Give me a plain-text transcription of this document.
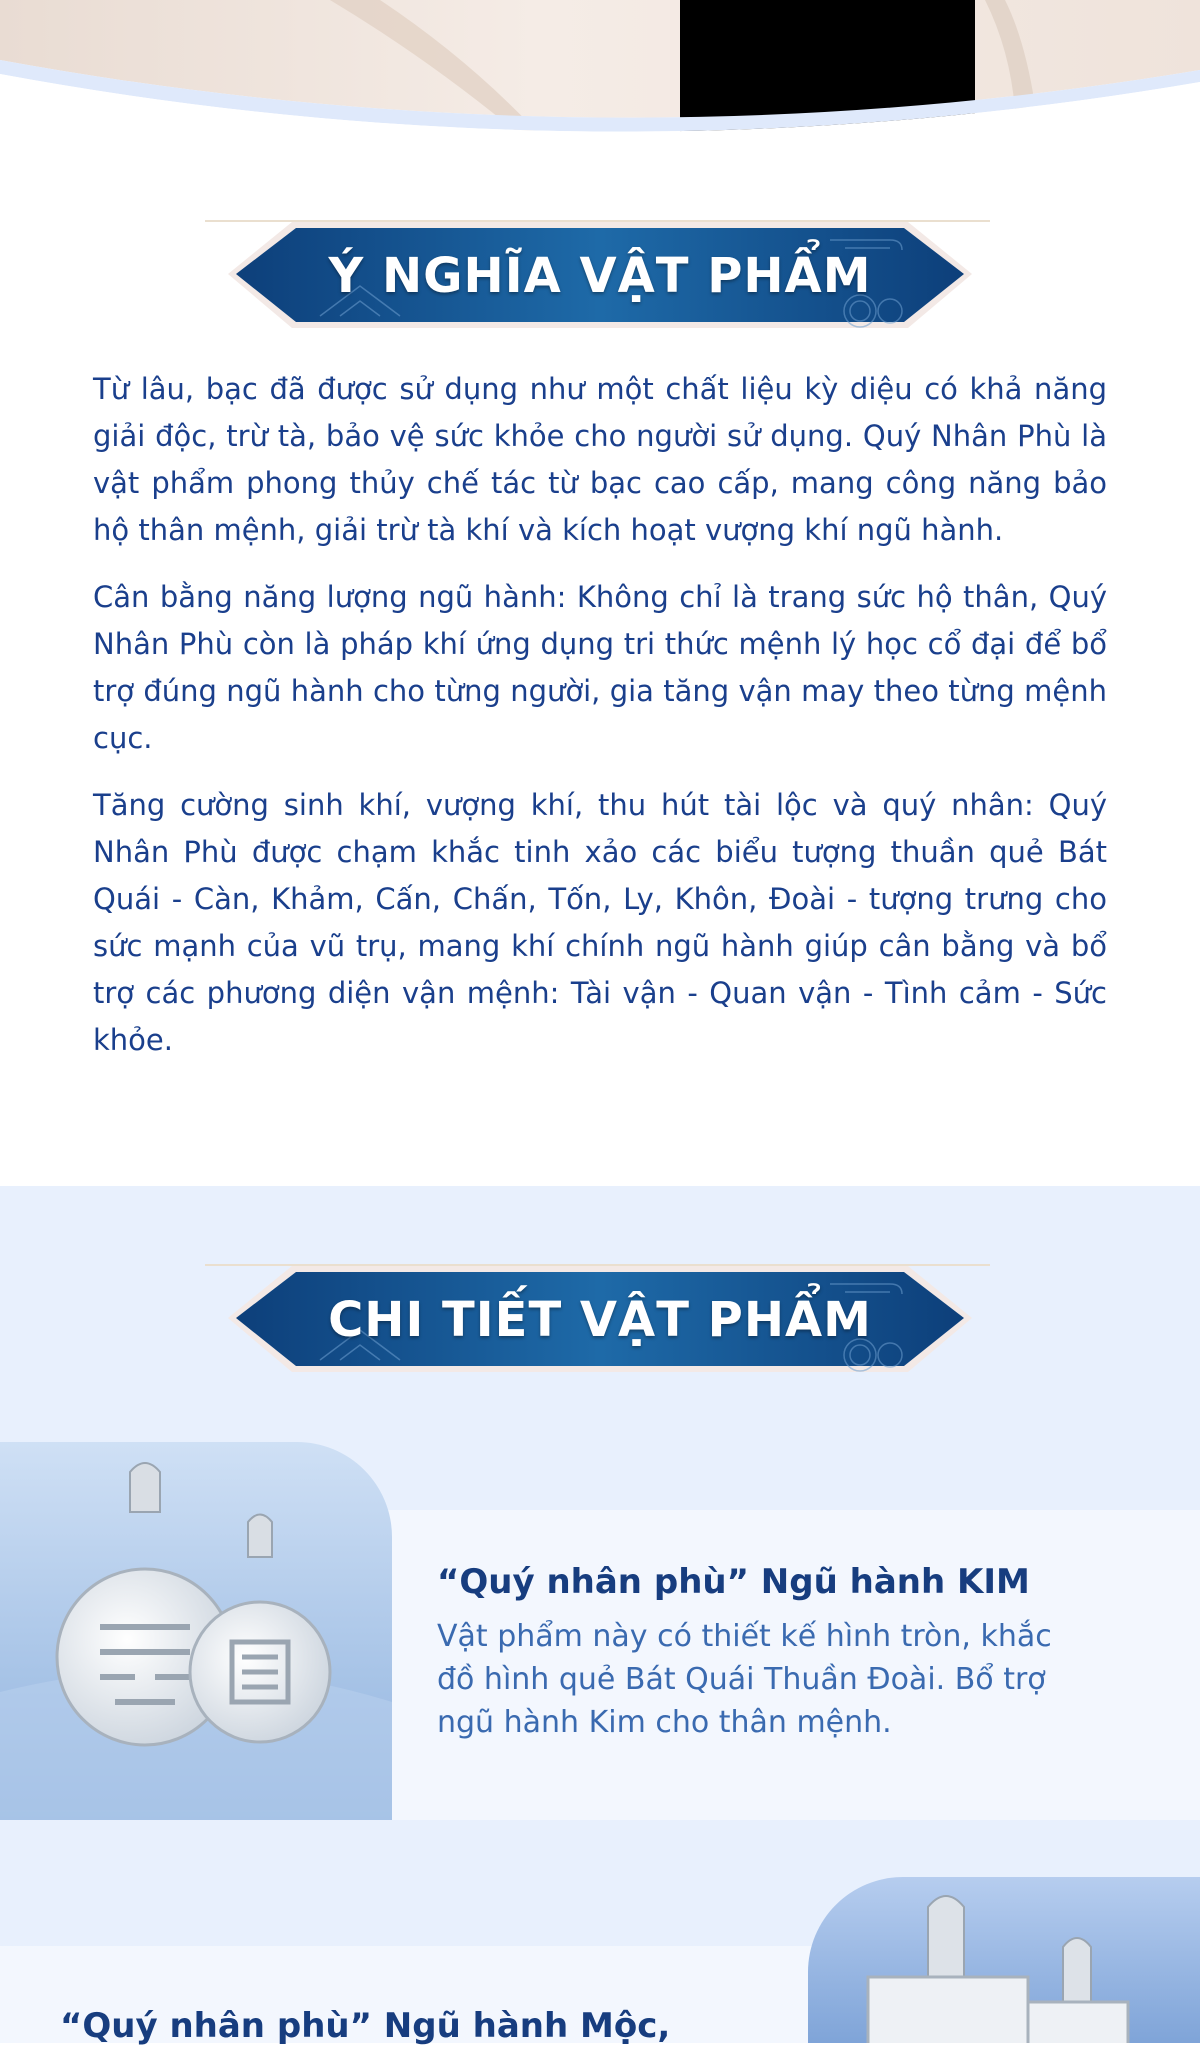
Ý NGHĨA VẬT PHẨM

Từ lâu, bạc đã được sử dụng như một chất liệu kỳ diệu có khả năng giải độc, trừ tà, bảo vệ sức khỏe cho người sử dụng. Quý Nhân Phù là vật phẩm phong thủy chế tác từ bạc cao cấp, mang công năng bảo hộ thân mệnh, giải trừ tà khí và kích hoạt vượng khí ngũ hành.

Cân bằng năng lượng ngũ hành: Không chỉ là trang sức hộ thân, Quý Nhân Phù còn là pháp khí ứng dụng tri thức mệnh lý học cổ đại để bổ trợ đúng ngũ hành cho từng người, gia tăng vận may theo từng mệnh cục.

Tăng cường sinh khí, vượng khí, thu hút tài lộc và quý nhân: Quý Nhân Phù được chạm khắc tinh xảo các biểu tượng thuần quẻ Bát Quái - Càn, Khảm, Cấn, Chấn, Tốn, Ly, Khôn, Đoài - tượng trưng cho sức mạnh của vũ trụ, mang khí chính ngũ hành giúp cân bằng và bổ trợ các phương diện vận mệnh: Tài vận - Quan vận - Tình cảm - Sức khỏe.

CHI TIẾT VẬT PHẨM
“Quý nhân phù” Ngũ hành KIM
Vật phẩm này có thiết kế hình tròn, khắc đồ hình quẻ Bát Quái Thuần Đoài. Bổ trợ ngũ hành Kim cho thân mệnh.
“Quý nhân phù” Ngũ hành Mộc,
